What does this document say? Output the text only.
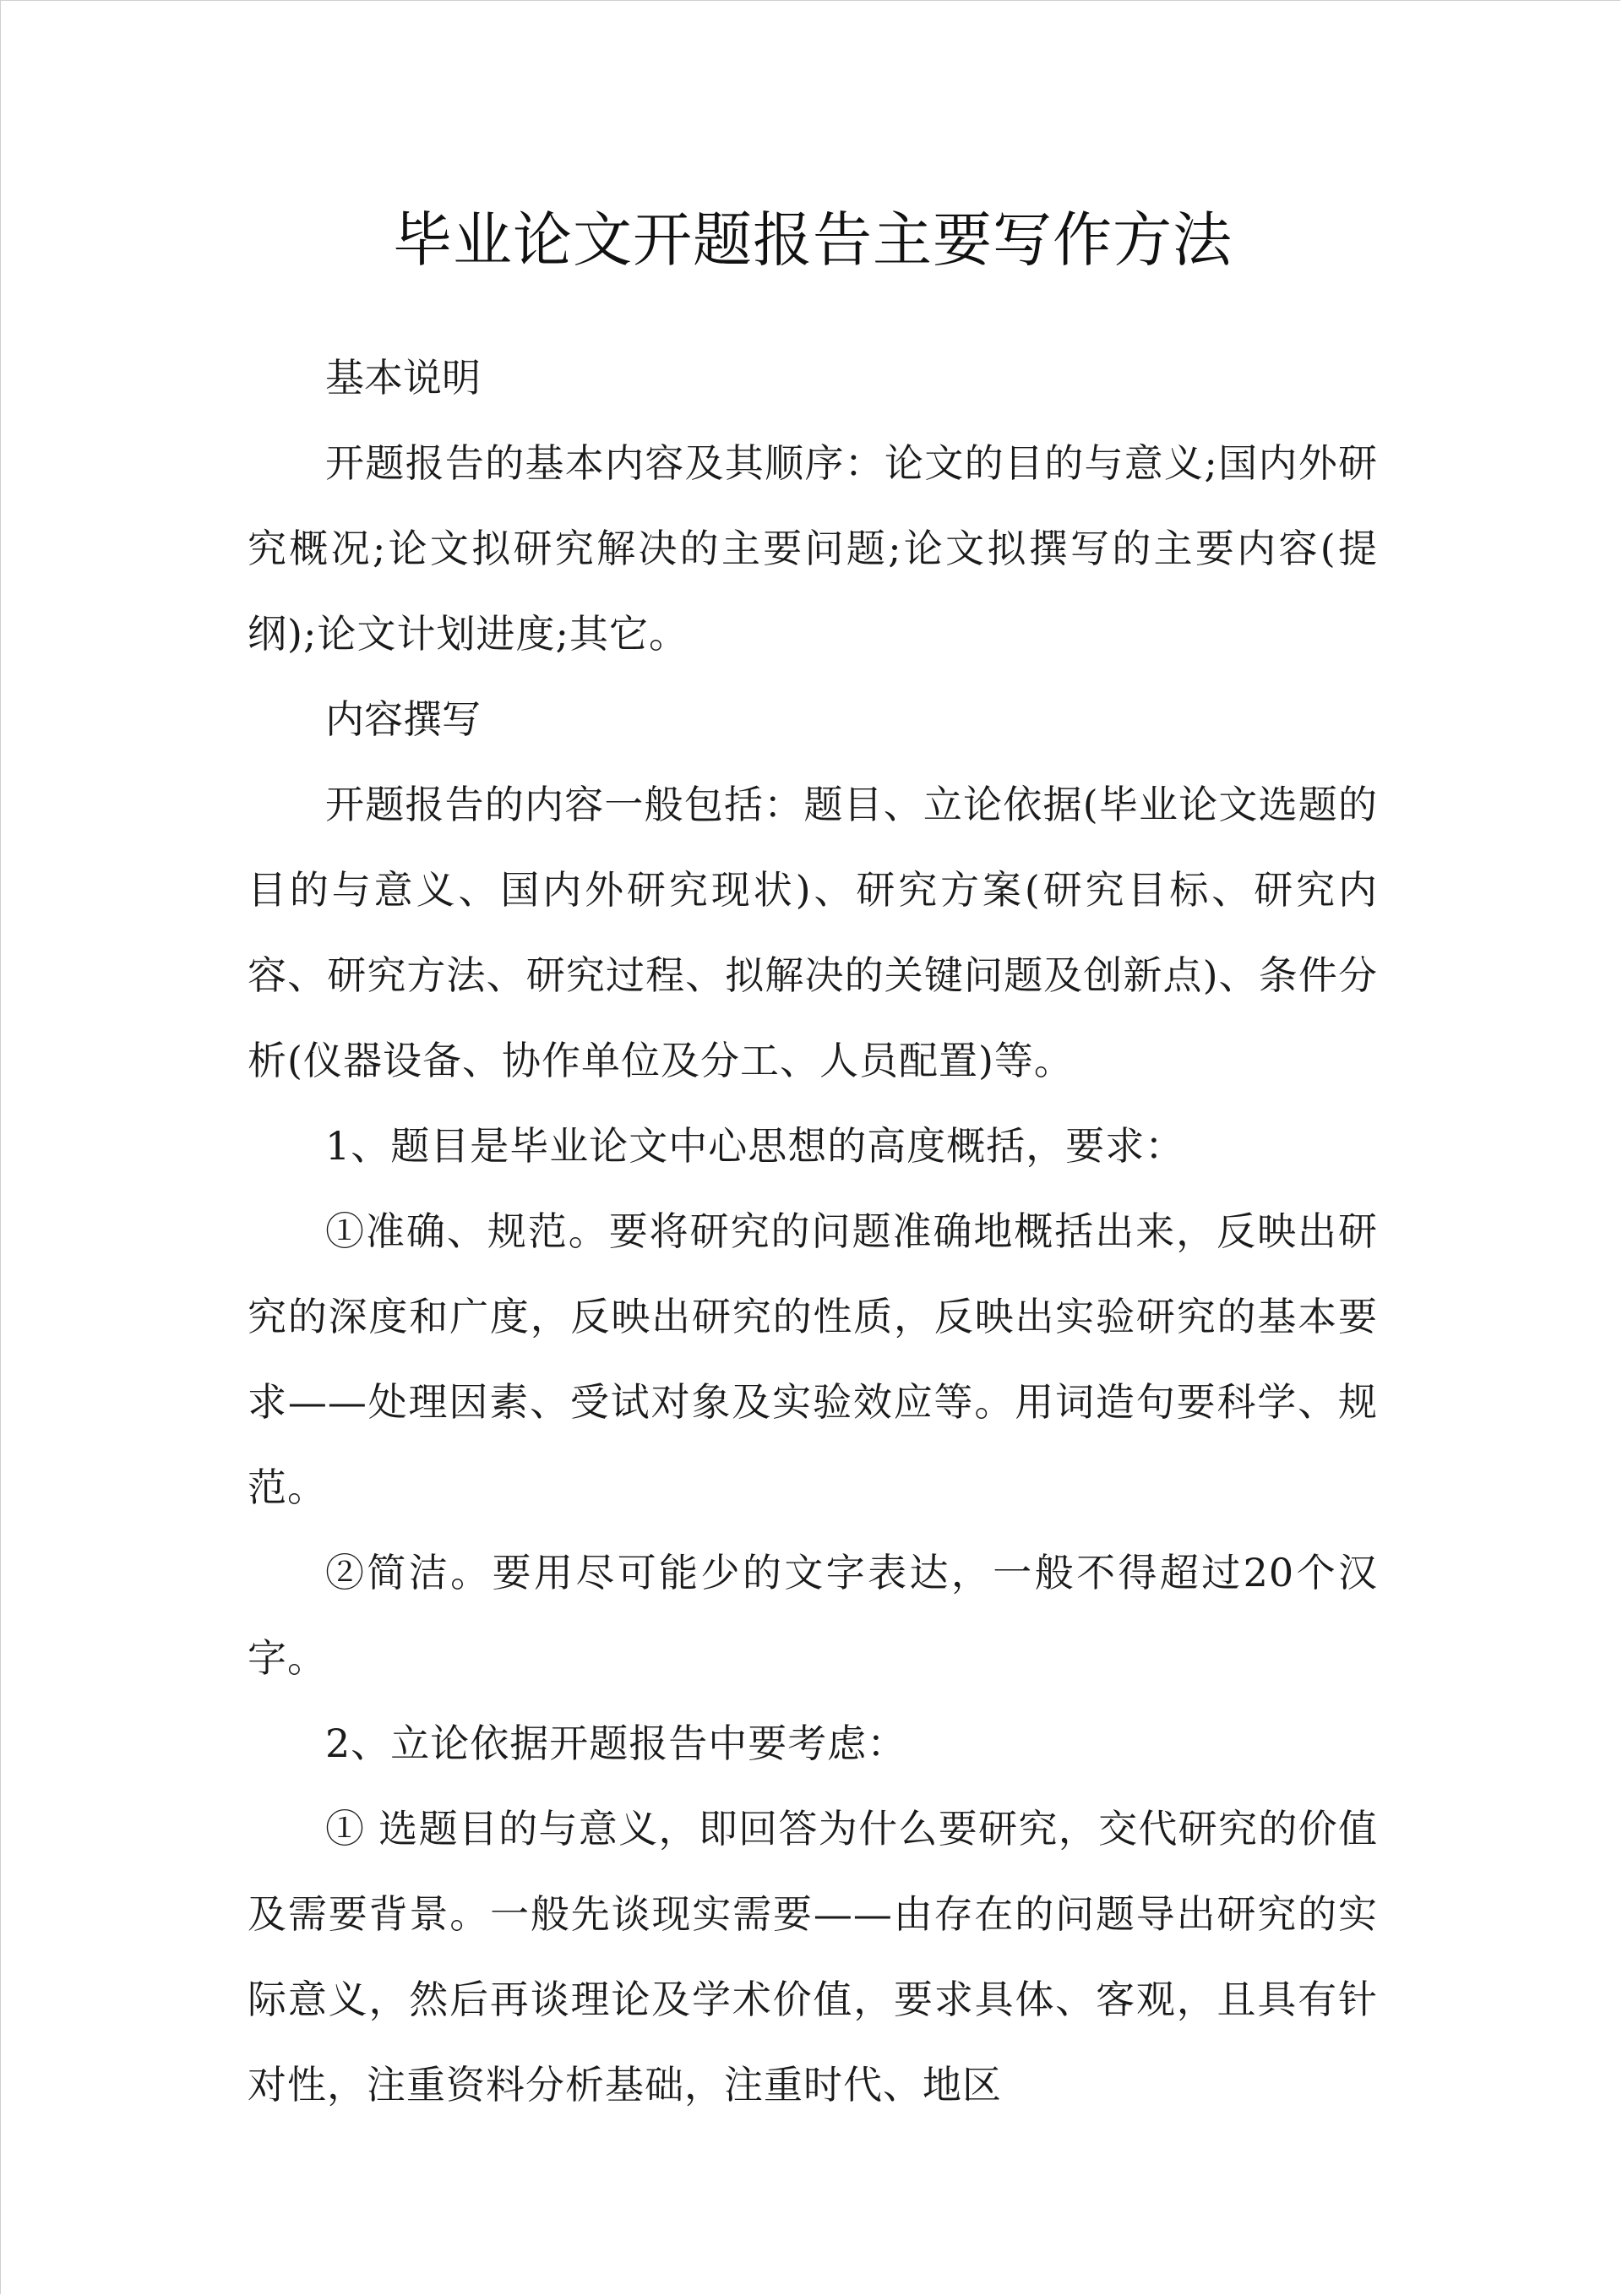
毕业论文开题报告主要写作方法

基本说明

开题报告的基本内容及其顺序：论文的目的与意义;国内外研究概况;论文拟研究解决的主要问题;论文拟撰写的主要内容(提纲);论文计划进度;其它。

内容撰写

开题报告的内容一般包括：题目、立论依据(毕业论文选题的目的与意义、国内外研究现状)、研究方案(研究目标、研究内容、研究方法、研究过程、拟解决的关键问题及创新点)、条件分析(仪器设备、协作单位及分工、人员配置)等。

1、题目是毕业论文中心思想的高度概括，要求：

①准确、规范。要将研究的问题准确地概括出来，反映出研究的深度和广度，反映出研究的性质，反映出实验研究的基本要求——处理因素、受试对象及实验效应等。用词造句要科学、规范。

②简洁。要用尽可能少的文字表达，一般不得超过20个汉字。

2、立论依据开题报告中要考虑：

① 选题目的与意义，即回答为什么要研究，交代研究的价值及需要背景。一般先谈现实需要——由存在的问题导出研究的实际意义，然后再谈理论及学术价值，要求具体、客观，且具有针对性，注重资料分析基础，注重时代、地区
